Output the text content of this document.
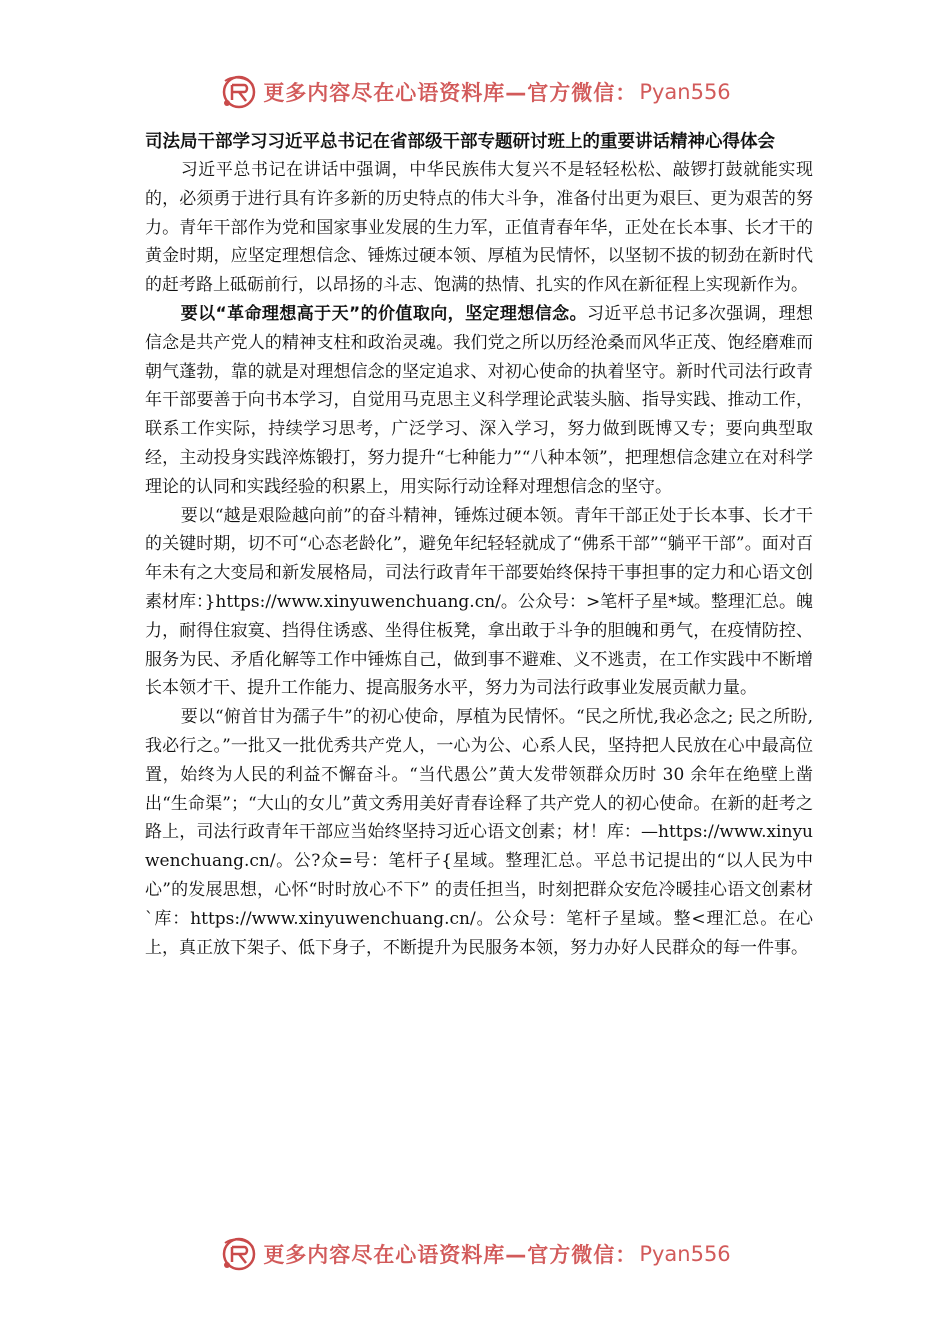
更多内容尽在心语资料库—官方微信： Pyan556
司法局干部学习习近平总书记在省部级干部专题研讨班上的重要讲话精神心得体会

习近平总书记在讲话中强调，中华民族伟大复兴不是轻轻松松、敲锣打鼓就能实现的，必须勇于进行具有许多新的历史特点的伟大斗争，准备付出更为艰巨、更为艰苦的努力。青年干部作为党和国家事业发展的生力军，正值青春年华，正处在长本事、长才干的黄金时期，应坚定理想信念、锤炼过硬本领、厚植为民情怀，以坚韧不拔的韧劲在新时代的赶考路上砥砺前行，以昂扬的斗志、饱满的热情、扎实的作风在新征程上实现新作为。

要以“革命理想高于天”的价值取向，坚定理想信念。习近平总书记多次强调，理想信念是共产党人的精神支柱和政治灵魂。我们党之所以历经沧桑而风华正茂、饱经磨难而朝气蓬勃，靠的就是对理想信念的坚定追求、对初心使命的执着坚守。新时代司法行政青年干部要善于向书本学习，自觉用马克思主义科学理论武装头脑、指导实践、推动工作，联系工作实际，持续学习思考，广泛学习、深入学习，努力做到既博又专；要向典型取经，主动投身实践淬炼锻打，努力提升“七种能力”“八种本领”，把理想信念建立在对科学理论的认同和实践经验的积累上，用实际行动诠释对理想信念的坚守。

要以“越是艰险越向前”的奋斗精神，锤炼过硬本领。青年干部正处于长本事、长才干的关键时期，切不可“心态老龄化”，避免年纪轻轻就成了“佛系干部”“躺平干部”。面对百年未有之大变局和新发展格局，司法行政青年干部要始终保持干事担事的定力和心语文创素材库：}https://www.xinyuwenchuang.cn/。公众号：>笔杆子星*域。整理汇总。魄力，耐得住寂寞、挡得住诱惑、坐得住板凳，拿出敢于斗争的胆魄和勇气，在疫情防控、服务为民、矛盾化解等工作中锤炼自己，做到事不避难、义不逃责，在工作实践中不断增长本领才干、提升工作能力、提高服务水平，努力为司法行政事业发展贡献力量。

要以“俯首甘为孺子牛”的初心使命，厚植为民情怀。“民之所忧,我必念之; 民之所盼,我必行之。”一批又一批优秀共产党人，一心为公、心系人民，坚持把人民放在心中最高位置，始终为人民的利益不懈奋斗。“当代愚公”黄大发带领群众历时 30 余年在绝壁上凿出“生命渠”；“大山的女儿”黄文秀用美好青春诠释了共产党人的初心使命。在新的赶考之路上，司法行政青年干部应当始终坚持习近心语文创素；材！库：—https://www.xinyuwenchuang.cn/。公?众=号：笔杆子{星域。整理汇总。平总书记提出的“以人民为中心”的发展思想，心怀“时时放心不下” 的责任担当，时刻把群众安危冷暖挂心语文创素材`库：https://www.xinyuwenchuang.cn/。公众号：笔杆子星域。整<理汇总。在心上，真正放下架子、低下身子，不断提升为民服务本领，努力办好人民群众的每一件事。

更多内容尽在心语资料库—官方微信： Pyan556
